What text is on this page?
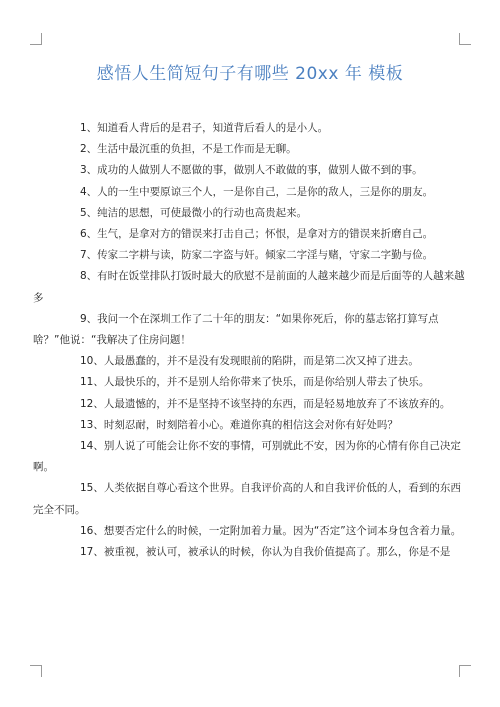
感悟人生简短句子有哪些 20xx 年 模板

1、知道看人背后的是君子，知道背后看人的是小人。

2、生活中最沉重的负担，不是工作而是无聊。

3、成功的人做别人不愿做的事，做别人不敢做的事，做别人做不到的事。

4、人的一生中要原谅三个人，一是你自己，二是你的敌人，三是你的朋友。

5、纯洁的思想，可使最微小的行动也高贵起来。

6、生气，是拿对方的错误来打击自己；怀恨，是拿对方的错误来折磨自己。

7、传家二字耕与读，防家二字盗与奸。倾家二字淫与赌，守家二字勤与俭。

8、有时在饭堂排队打饭时最大的欣慰不是前面的人越来越少而是后面等的人越来越多

9、我问一个在深圳工作了二十年的朋友：“如果你死后，你的墓志铭打算写点啥？”他说：“我解决了住房问题！

10、人最愚蠢的，并不是没有发现眼前的陷阱，而是第二次又掉了进去。

11、人最快乐的，并不是别人给你带来了快乐，而是你给别人带去了快乐。

12、人最遗憾的，并不是坚持不该坚持的东西，而是轻易地放弃了不该放弃的。

13、时刻忍耐，时刻陪着小心。难道你真的相信这会对你有好处吗？

14、别人说了可能会让你不安的事情，可别就此不安，因为你的心情有你自己决定啊。

15、人类依据自尊心看这个世界。自我评价高的人和自我评价低的人，看到的东西完全不同。

16、想要否定什么的时候，一定附加着力量。因为“否定”这个词本身包含着力量。

17、被重视，被认可，被承认的时候，你认为自我价值提高了。那么，你是不是
